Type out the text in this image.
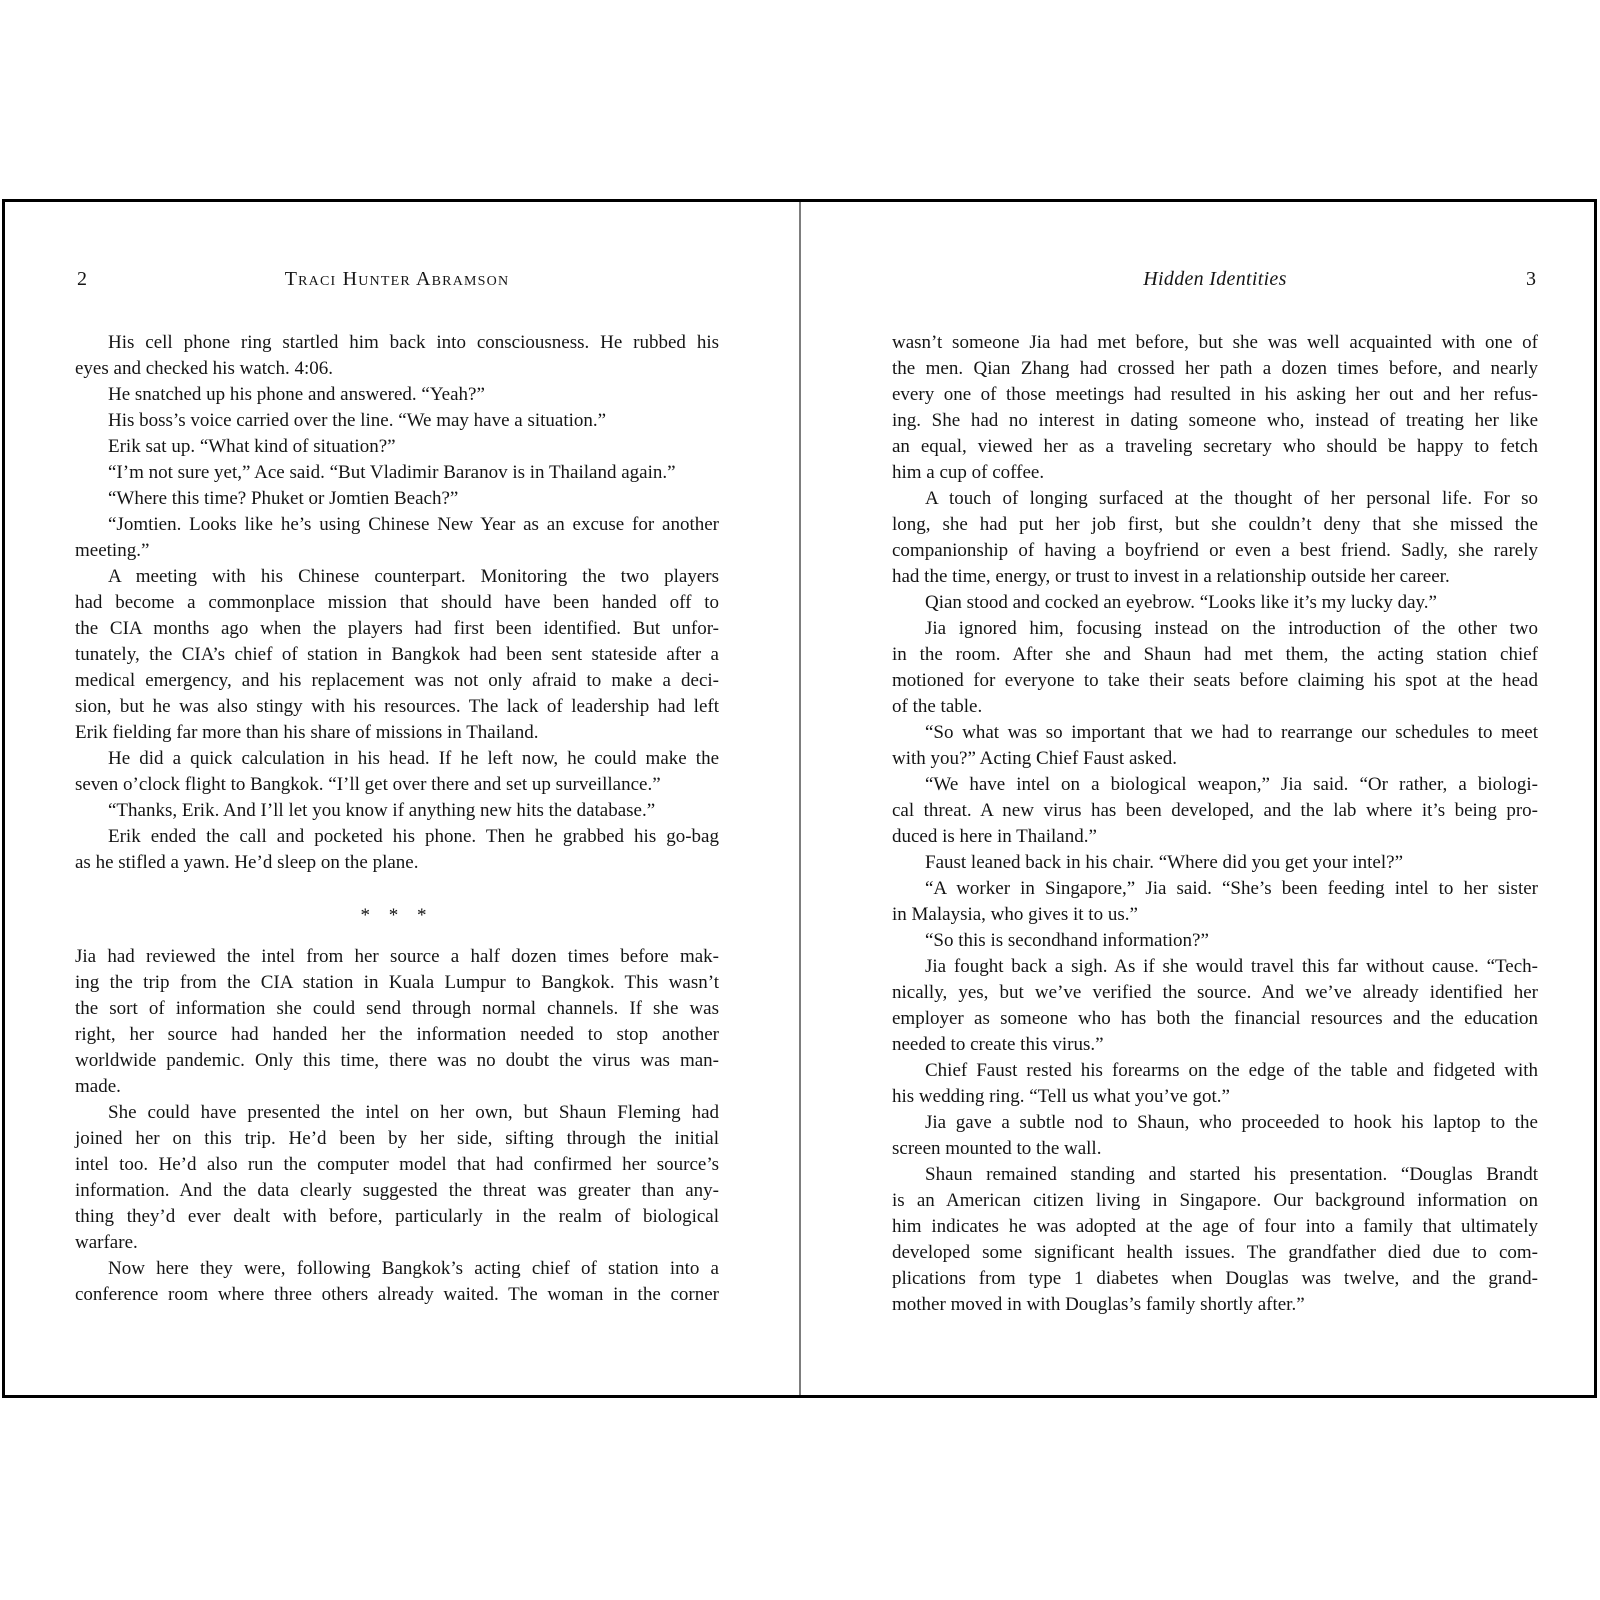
2	Traci Hunter Abramson
His cell phone ring startled him back into consciousness. He rubbed his
eyes and checked his watch. 4:06.
He snatched up his phone and answered. “Yeah?”
His boss’s voice carried over the line. “We may have a situation.”
Erik sat up. “What kind of situation?”
“I’m not sure yet,” Ace said. “But Vladimir Baranov is in Thailand again.”
“Where this time? Phuket or Jomtien Beach?”
“Jomtien. Looks like he’s using Chinese New Year as an excuse for another
meeting.”
A meeting with his Chinese counterpart. Monitoring the two players
had become a commonplace mission that should have been handed off to
the CIA months ago when the players had first been identified. But unfor-
tunately, the CIA’s chief of station in Bangkok had been sent stateside after a
medical emergency, and his replacement was not only afraid to make a deci-
sion, but he was also stingy with his resources. The lack of leadership had left
Erik fielding far more than his share of missions in Thailand.
He did a quick calculation in his head. If he left now, he could make the
seven o’clock flight to Bangkok. “I’ll get over there and set up surveillance.”
“Thanks, Erik. And I’ll let you know if anything new hits the database.”
Erik ended the call and pocketed his phone. Then he grabbed his go-bag
as he stifled a yawn. He’d sleep on the plane.
* * *
Jia had reviewed the intel from her source a half dozen times before mak-
ing the trip from the CIA station in Kuala Lumpur to Bangkok. This wasn’t
the sort of information she could send through normal channels. If she was
right, her source had handed her the information needed to stop another
worldwide pandemic. Only this time, there was no doubt the virus was man-
made.
She could have presented the intel on her own, but Shaun Fleming had
joined her on this trip. He’d been by her side, sifting through the initial
intel too. He’d also run the computer model that had confirmed her source’s
information. And the data clearly suggested the threat was greater than any-
thing they’d ever dealt with before, particularly in the realm of biological
warfare.
Now here they were, following Bangkok’s acting chief of station into a
conference room where three others already waited. The woman in the corner
Hidden Identities	3
wasn’t someone Jia had met before, but she was well acquainted with one of
the men. Qian Zhang had crossed her path a dozen times before, and nearly
every one of those meetings had resulted in his asking her out and her refus-
ing. She had no interest in dating someone who, instead of treating her like
an equal, viewed her as a traveling secretary who should be happy to fetch
him a cup of coffee.
A touch of longing surfaced at the thought of her personal life. For so
long, she had put her job first, but she couldn’t deny that she missed the
companionship of having a boyfriend or even a best friend. Sadly, she rarely
had the time, energy, or trust to invest in a relationship outside her career.
Qian stood and cocked an eyebrow. “Looks like it’s my lucky day.”
Jia ignored him, focusing instead on the introduction of the other two
in the room. After she and Shaun had met them, the acting station chief
motioned for everyone to take their seats before claiming his spot at the head
of the table.
“So what was so important that we had to rearrange our schedules to meet
with you?” Acting Chief Faust asked.
“We have intel on a biological weapon,” Jia said. “Or rather, a biologi-
cal threat. A new virus has been developed, and the lab where it’s being pro-
duced is here in Thailand.”
Faust leaned back in his chair. “Where did you get your intel?”
“A worker in Singapore,” Jia said. “She’s been feeding intel to her sister
in Malaysia, who gives it to us.”
“So this is secondhand information?”
Jia fought back a sigh. As if she would travel this far without cause. “Tech-
nically, yes, but we’ve verified the source. And we’ve already identified her
employer as someone who has both the financial resources and the education
needed to create this virus.”
Chief Faust rested his forearms on the edge of the table and fidgeted with
his wedding ring. “Tell us what you’ve got.”
Jia gave a subtle nod to Shaun, who proceeded to hook his laptop to the
screen mounted to the wall.
Shaun remained standing and started his presentation. “Douglas Brandt
is an American citizen living in Singapore. Our background information on
him indicates he was adopted at the age of four into a family that ultimately
developed some significant health issues. The grandfather died due to com-
plications from type 1 diabetes when Douglas was twelve, and the grand-
mother moved in with Douglas’s family shortly after.”
